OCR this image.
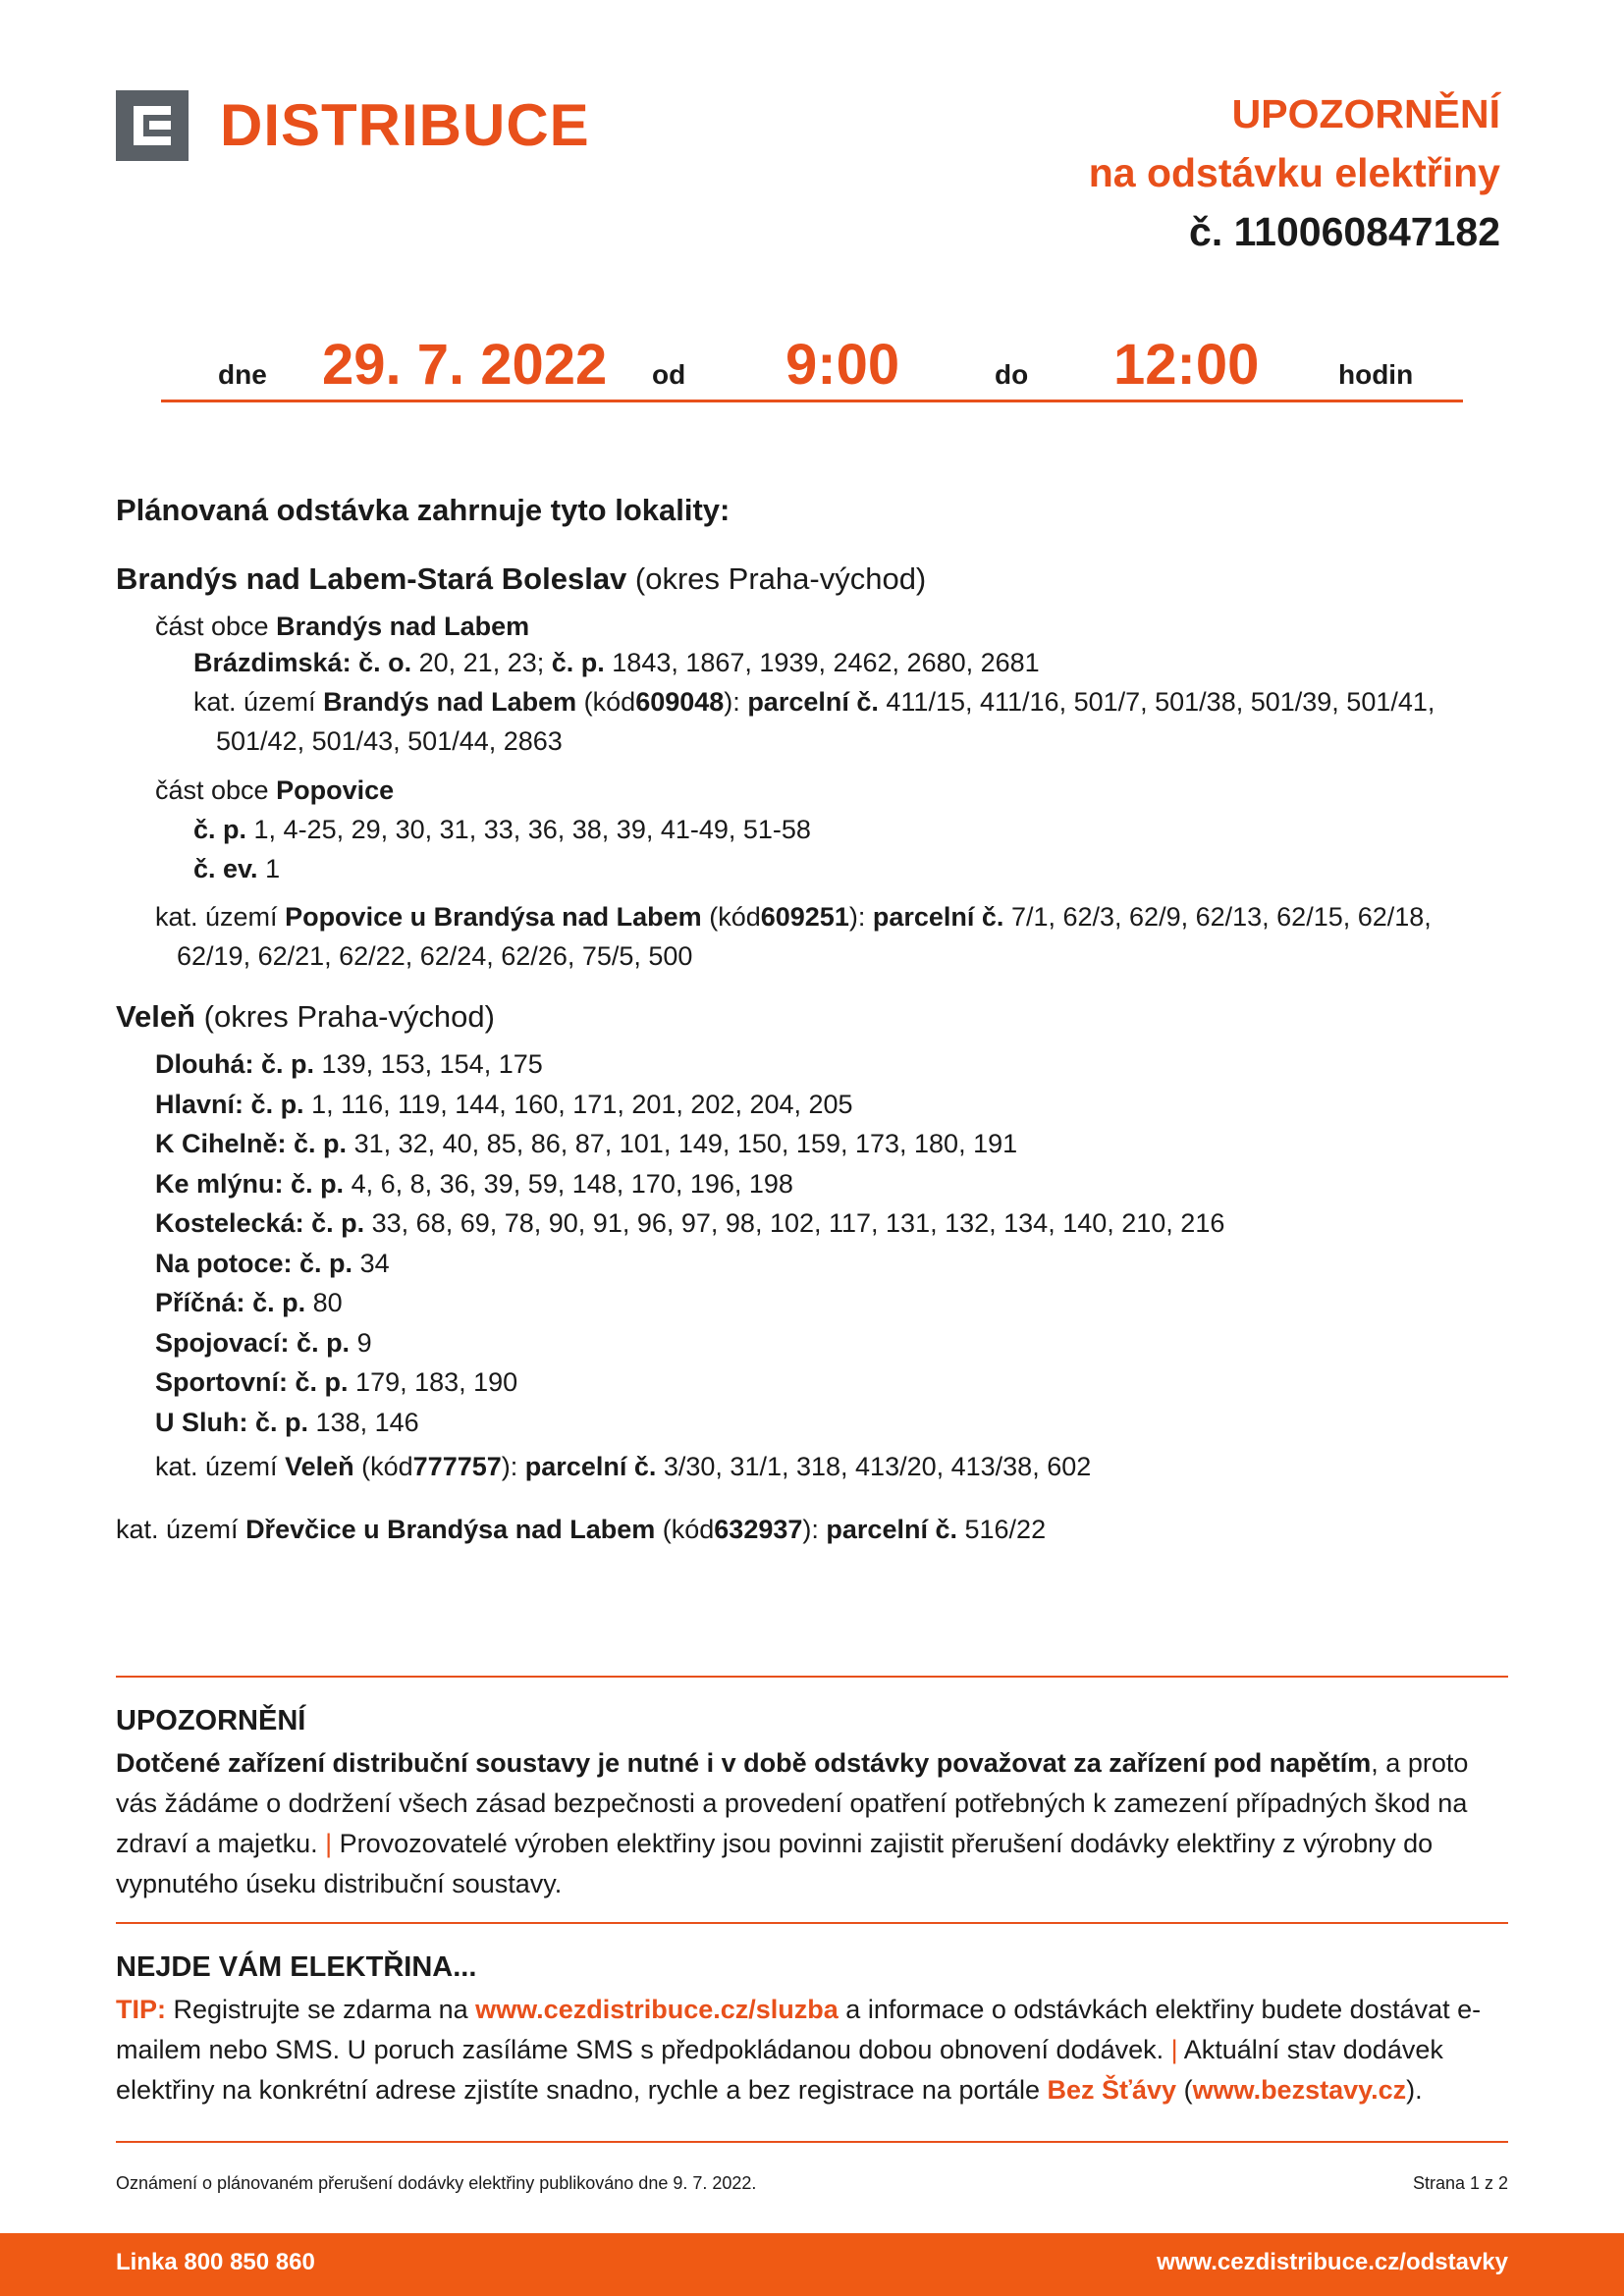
DISTRIBUCE	UPOZORNĚNÍ
na odstávku elektřiny
č. 110060847182
dne 29. 7. 2022 od 9:00	do 12:00	hodin
Plánovaná odstávka zahrnuje tyto lokality:
Brandýs nad Labem-Stará Boleslav (okres Praha-východ)
část obce Brandýs nad Labem
Brázdimská: č. o. 20, 21, 23; č. p. 1843, 1867, 1939, 2462, 2680, 2681
kat. území Brandýs nad Labem (kód609048): parcelní č. 411/15, 411/16, 501/7, 501/38, 501/39, 501/41,
501/42, 501/43, 501/44, 2863
část obce Popovice
č. p. 1, 4-25, 29, 30, 31, 33, 36, 38, 39, 41-49, 51-58
č. ev. 1
kat. území Popovice u Brandýsa nad Labem (kód609251): parcelní č. 7/1, 62/3, 62/9, 62/13, 62/15, 62/18,
62/19, 62/21, 62/22, 62/24, 62/26, 75/5, 500
Veleň (okres Praha-východ)
Dlouhá: č. p. 139, 153, 154, 175
Hlavní: č. p. 1, 116, 119, 144, 160, 171, 201, 202, 204, 205
K Cihelně: č. p. 31, 32, 40, 85, 86, 87, 101, 149, 150, 159, 173, 180, 191
Ke mlýnu: č. p. 4, 6, 8, 36, 39, 59, 148, 170, 196, 198
Kostelecká: č. p. 33, 68, 69, 78, 90, 91, 96, 97, 98, 102, 117, 131, 132, 134, 140, 210, 216
Na potoce: č. p. 34
Příčná: č. p. 80
Spojovací: č. p. 9
Sportovní: č. p. 179, 183, 190
U Sluh: č. p. 138, 146
kat. území Veleň (kód777757): parcelní č. 3/30, 31/1, 318, 413/20, 413/38, 602
kat. území Dřevčice u Brandýsa nad Labem (kód632937): parcelní č. 516/22
UPOZORNĚNÍ
Dotčené zařízení distribuční soustavy je nutné i v době odstávky považovat za zařízení pod napětím, a proto vás žádáme o dodržení všech zásad bezpečnosti a provedení opatření potřebných k zamezení případných škod na zdraví a majetku. | Provozovatelé výroben elektřiny jsou povinni zajistit přerušení dodávky elektřiny z výrobny do vypnutého úseku distribuční soustavy.
NEJDE VÁM ELEKTŘINA...
TIP: Registrujte se zdarma na www.cezdistribuce.cz/sluzba a informace o odstávkách elektřiny budete dostávat e-mailem nebo SMS. U poruch zasíláme SMS s předpokládanou dobou obnovení dodávek. | Aktuální stav dodávek elektřiny na konkrétní adrese zjistíte snadno, rychle a bez registrace na portále Bez Šťávy (www.bezstavy.cz).
Oznámení o plánovaném přerušení dodávky elektřiny publikováno dne 9. 7. 2022.	Strana 1 z 2
Linka 800 850 860	www.cezdistribuce.cz/odstavky
